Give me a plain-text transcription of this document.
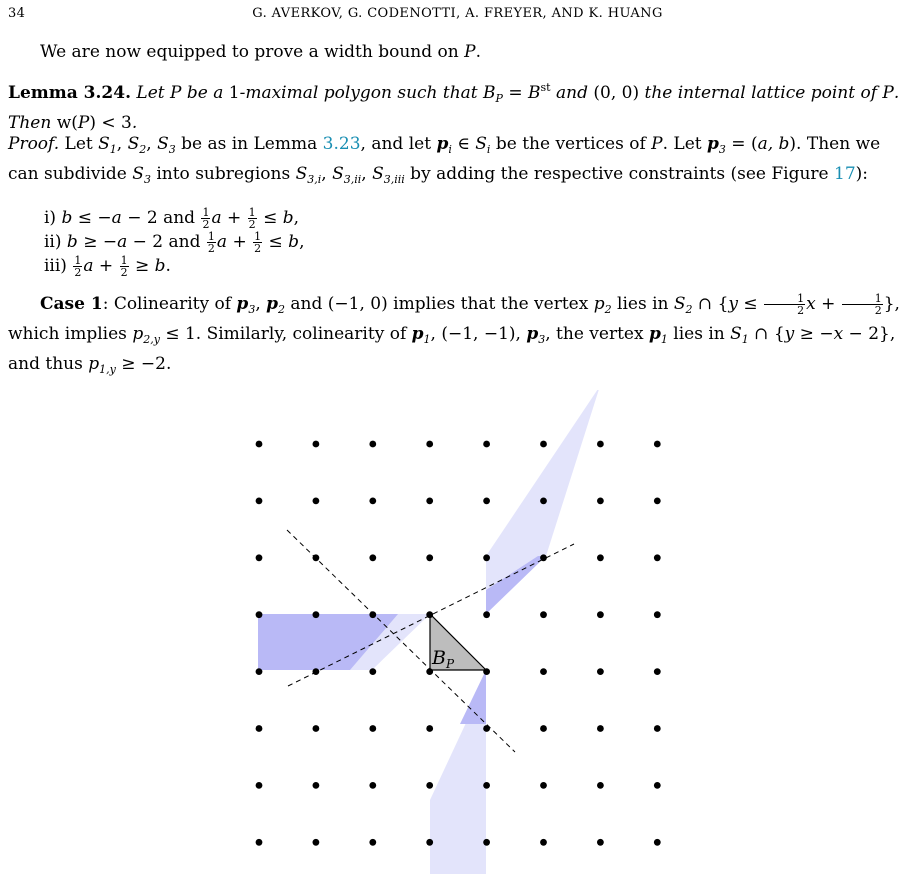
34	G. AVERKOV, G. CODENOTTI, A. FREYER, AND K. HUANG

We are now equipped to prove a width bound on P.

Lemma 3.24. Let P be a 1-maximal polygon such that $B_P = B^{st}$ and (0, 0) the internal lattice point of P. Then w(P) < 3.

Proof. Let $S_1$, $S_2$, $S_3$ be as in Lemma 3.23, and let $p_i$ ∈ $S_i$ be the vertices of P. Let $p_3 = (a$, b). Then we can subdivide $S_3$ into subregions $S_{3,i}$, $S_{3,ii}$, $S_{3,iii}$ by adding the respective constraints (see Figure 17):

i) b ≤ −a − 2 and $\frac{1}{2}$ $a + \frac{1}{2} \le b$,
ii) b ≥ −a − 2 and $\frac{1}{2}$ $a + \frac{1}{2} \le b$,
$iii) \frac{1}{2}$ $a + \frac{1}{2} \ge b$.

Case 1: Colinearity of $p_3$, $p_2$ and (−1, 0) implies that the vertex $p_2$ lies in $S_2$ ∩ {$y \le \frac{1}{2}$ $x + \frac{1}{2}$ }, which implies $p_{2,y} \le 1$. Similarly, colinearity of $p_1$, (−1, −1), $p_3$, the vertex $p_1$ lies in $S_1$ ∩ {y ≥ −x − 2}, and thus $p_{1,y} \ge -2$.

$B_P$
